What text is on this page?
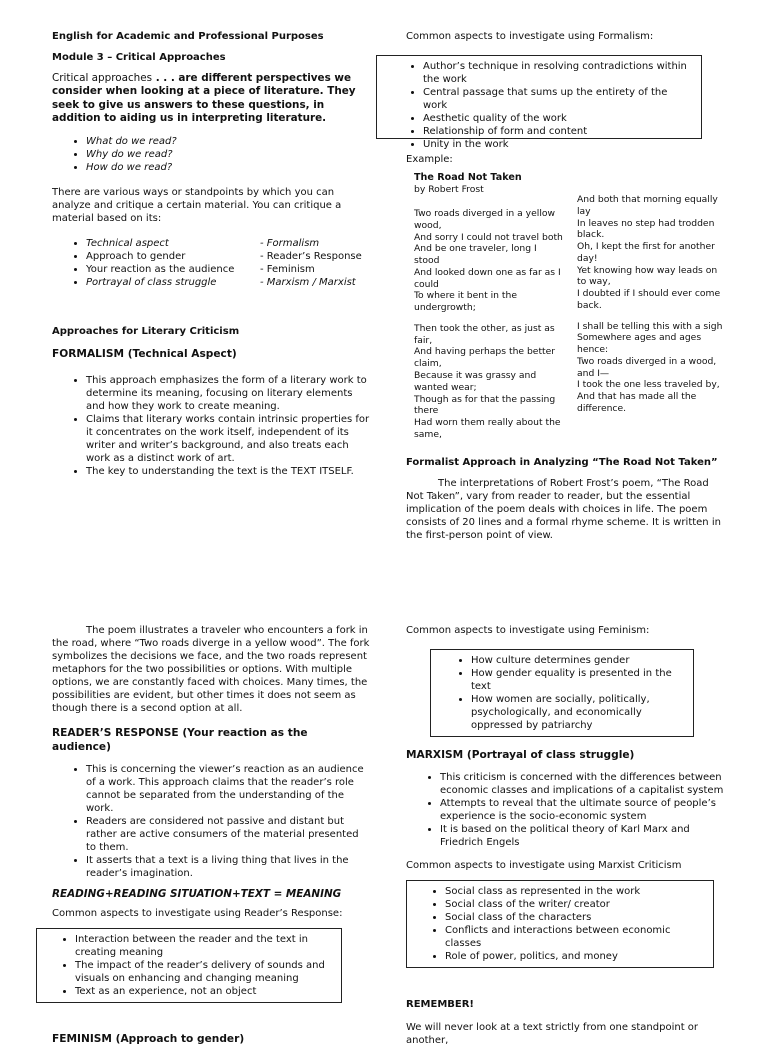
English for Academic and Professional Purposes

Module 3 – Critical Approaches

Critical approaches . . . are different perspectives we consider when looking at a piece of literature. They seek to give us answers to these questions, in addition to aiding us in interpreting literature.

• What do we read?
• Why do we read?
• How do we read?

There are various ways or standpoints by which you can analyze and critique a certain material. You can critique a material based on its:

• Technical aspect	- Formalism
• Approach to gender	- Reader’s Response
• Your reaction as the audience	- Feminism
• Portrayal of class struggle	- Marxism / Marxist

Approaches for Literary Criticism

FORMALISM (Technical Aspect)

• This approach emphasizes the form of a literary work to determine its meaning, focusing on literary elements and how they work to create meaning.
• Claims that literary works contain intrinsic properties for it concentrates on the work itself, independent of its writer and writer’s background, and also treats each work as a distinct work of art.
• The key to understanding the text is the TEXT ITSELF.

Common aspects to investigate using Formalism:

• Author’s technique in resolving contradictions within the work
• Central passage that sums up the entirety of the work
• Aesthetic quality of the work
• Relationship of form and content
• Unity in the work

Example:

The Road Not Taken

by Robert Frost

Two roads diverged in a yellow wood,
And sorry I could not travel both
And be one traveler, long I stood
And looked down one as far as I could
To where it bent in the undergrowth;
Then took the other, as just as fair,
And having perhaps the better claim,
Because it was grassy and wanted wear;
Though as for that the passing there
Had worn them really about the same,
And both that morning equally lay
In leaves no step had trodden black.
Oh, I kept the first for another day!
Yet knowing how way leads on to way,
I doubted if I should ever come back.
I shall be telling this with a sigh
Somewhere ages and ages hence:
Two roads diverged in a wood, and I—
I took the one less traveled by,
And that has made all the difference.

Formalist Approach in Analyzing “The Road Not Taken”

The interpretations of Robert Frost’s poem, “The Road Not Taken”, vary from reader to reader, but the essential implication of the poem deals with choices in life. The poem consists of 20 lines and a formal rhyme scheme. It is written in the first-person point of view.

The poem illustrates a traveler who encounters a fork in the road, where “Two roads diverge in a yellow wood”. The fork symbolizes the decisions we face, and the two roads represent metaphors for the two possibilities or options. With multiple options, we are constantly faced with choices. Many times, the possibilities are evident, but other times it does not seem as though there is a second option at all.

READER’S RESPONSE (Your reaction as the audience)

• This is concerning the viewer’s reaction as an audience of a work. This approach claims that the reader’s role cannot be separated from the understanding of the work.
• Readers are considered not passive and distant but rather are active consumers of the material presented to them.
• It asserts that a text is a living thing that lives in the reader’s imagination.

READING+READING SITUATION+TEXT = MEANING

Common aspects to investigate using Reader’s Response:

• Interaction between the reader and the text in creating meaning
• The impact of the reader’s delivery of sounds and visuals on enhancing and changing meaning
• Text as an experience, not an object

FEMINISM (Approach to gender)

Common aspects to investigate using Feminism:

• How culture determines gender
• How gender equality is presented in the text
• How women are socially, politically, psychologically, and economically oppressed by patriarchy

MARXISM (Portrayal of class struggle)

• This criticism is concerned with the differences between economic classes and implications of a capitalist system
• Attempts to reveal that the ultimate source of people’s experience is the socio-economic system
• It is based on the political theory of Karl Marx and Friedrich Engels

Common aspects to investigate using Marxist Criticism

• Social class as represented in the work
• Social class of the writer/ creator
• Social class of the characters
• Conflicts and interactions between economic classes
• Role of power, politics, and money

REMEMBER!

We will never look at a text strictly from one standpoint or another,
